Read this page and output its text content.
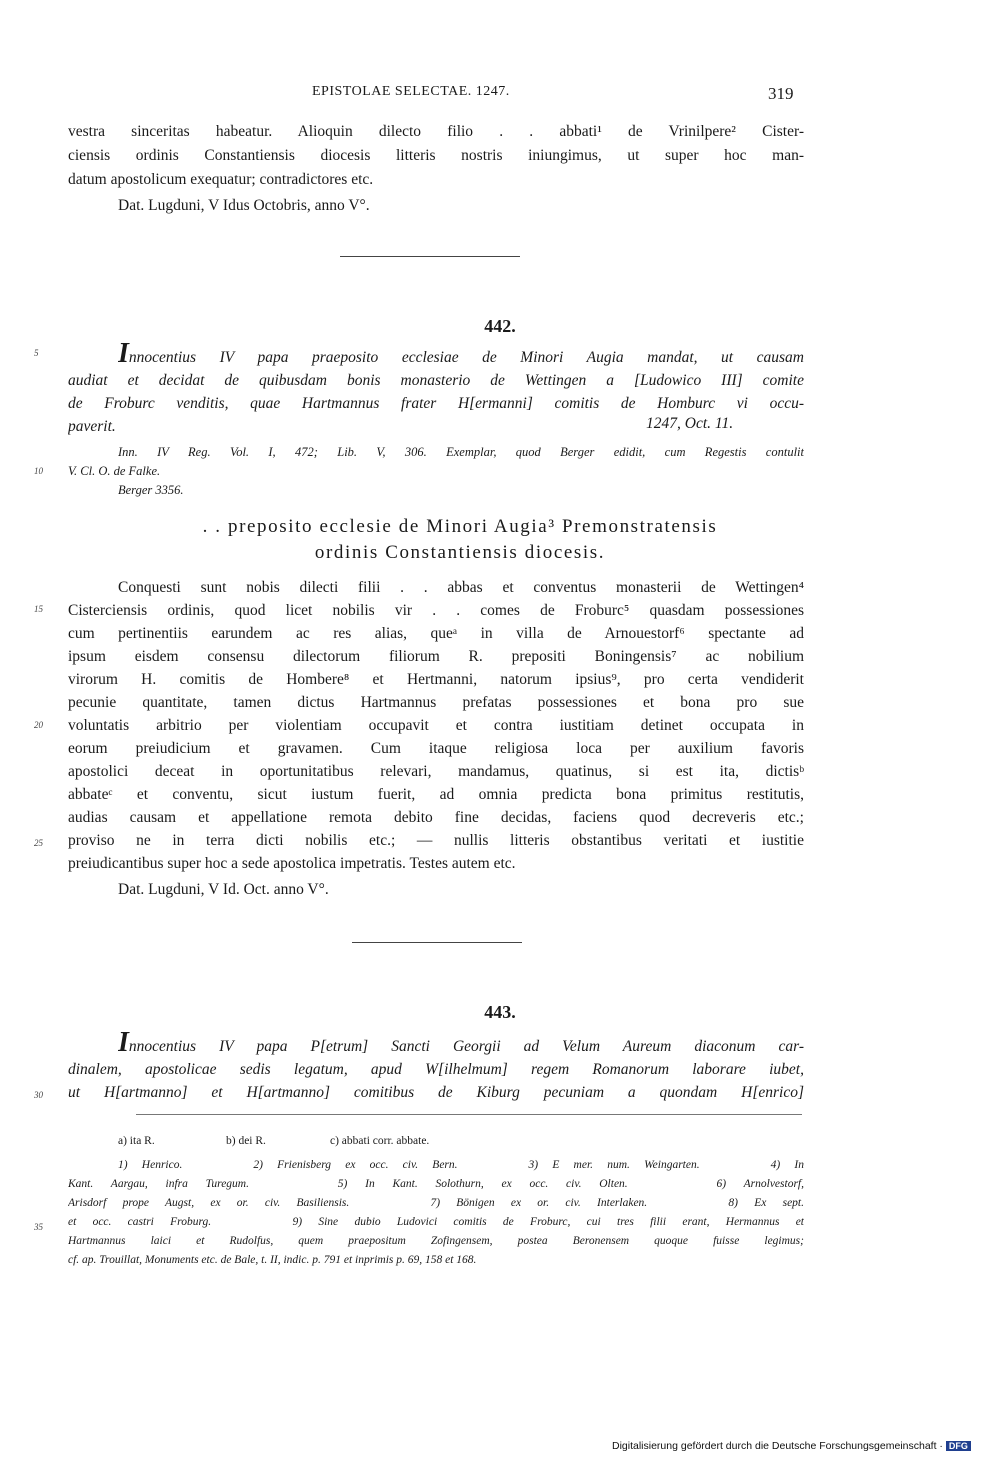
EPISTOLAE SELECTAE. 1247.	319
vestra sinceritas habeatur. Alioquin dilecto filio . . abbati¹ de Vrinilpere² Cister-
ciensis ordinis Constantiensis diocesis litteris nostris iniungimus, ut super hoc man-
datum apostolicum exequatur; contradictores etc.
Dat. Lugduni, V Idus Octobris, anno V°.
442.
Innocentius IV papa praeposito ecclesiae de Minori Augia mandat, ut causam
audiat et decidat de quibusdam bonis monasterio de Wettingen a [Ludowico III] comite
de Froburc venditis, quae Hartmannus frater H[ermanni] comitis de Homburc vi occu-
paverit.	1247, Oct. 11.
Inn. IV Reg. Vol. I, 472; Lib. V, 306. Exemplar, quod Berger edidit, cum Regestis contulit
V. Cl. O. de Falke.
Berger 3356.
. . preposito ecclesie de Minori Augia³ Premonstratensis
ordinis Constantiensis diocesis.
Conquesti sunt nobis dilecti filii . . abbas et conventus monasterii de Wettingen⁴
Cisterciensis ordinis, quod licet nobilis vir . . comes de Froburc⁵ quasdam possessiones
cum pertinentiis earundem ac res alias, queᵃ in villa de Arnouestorf⁶ spectante ad
ipsum eisdem consensu dilectorum filiorum R. prepositi Boningensis⁷ ac nobilium
virorum H. comitis de Hombere⁸ et Hertmanni, natorum ipsius⁹, pro certa vendiderit
pecunie quantitate, tamen dictus Hartmannus prefatas possessiones et bona pro sue
voluntatis arbitrio per violentiam occupavit et contra iustitiam detinet occupata in
eorum preiudicium et gravamen. Cum itaque religiosa loca per auxilium favoris
apostolici deceat in oportunitatibus relevari, mandamus, quatinus, si est ita, dictisᵇ
abbateᶜ et conventu, sicut iustum fuerit, ad omnia predicta bona primitus restitutis,
audias causam et appellatione remota debito fine decidas, faciens quod decreveris etc.;
proviso ne in terra dicti nobilis etc.; — nullis litteris obstantibus veritati et iustitie
preiudicantibus super hoc a sede apostolica impetratis. Testes autem etc.
Dat. Lugduni, V Id. Oct. anno V°.
443.
Innocentius IV papa P[etrum] Sancti Georgii ad Velum Aureum diaconum car-
dinalem, apostolicae sedis legatum, apud W[ilhelmum] regem Romanorum laborare iubet,
ut H[artmanno] et H[artmanno] comitibus de Kiburg pecuniam a quondam H[enrico]
5
10
15
20
25
30
35
a) ita R.	b) dei R.	c) abbati corr. abbate.
1) Henrico.     2) Frienisberg ex occ. civ. Bern.     3) E mer. num. Weingarten.     4) In
Kant. Aargau, infra Turegum.     5) In Kant. Solothurn, ex occ. civ. Olten.     6) Arnolvestorf,
Arisdorf prope Augst, ex or. civ. Basiliensis.     7) Bönigen ex or. civ. Interlaken.     8) Ex sept.
et occ. castri Froburg.     9) Sine dubio Ludovici comitis de Froburc, cui tres filii erant, Hermannus et
Hartmannus laici et Rudolfus, quem praepositum Zofingensem, postea Beronensem quoque fuisse legimus;
cf. ap. Trouillat, Monuments etc. de Bale, t. II, indic. p. 791 et inprimis p. 69, 158 et 168.
Digitalisierung gefördert durch die Deutsche Forschungsgemeinschaft · DFG
